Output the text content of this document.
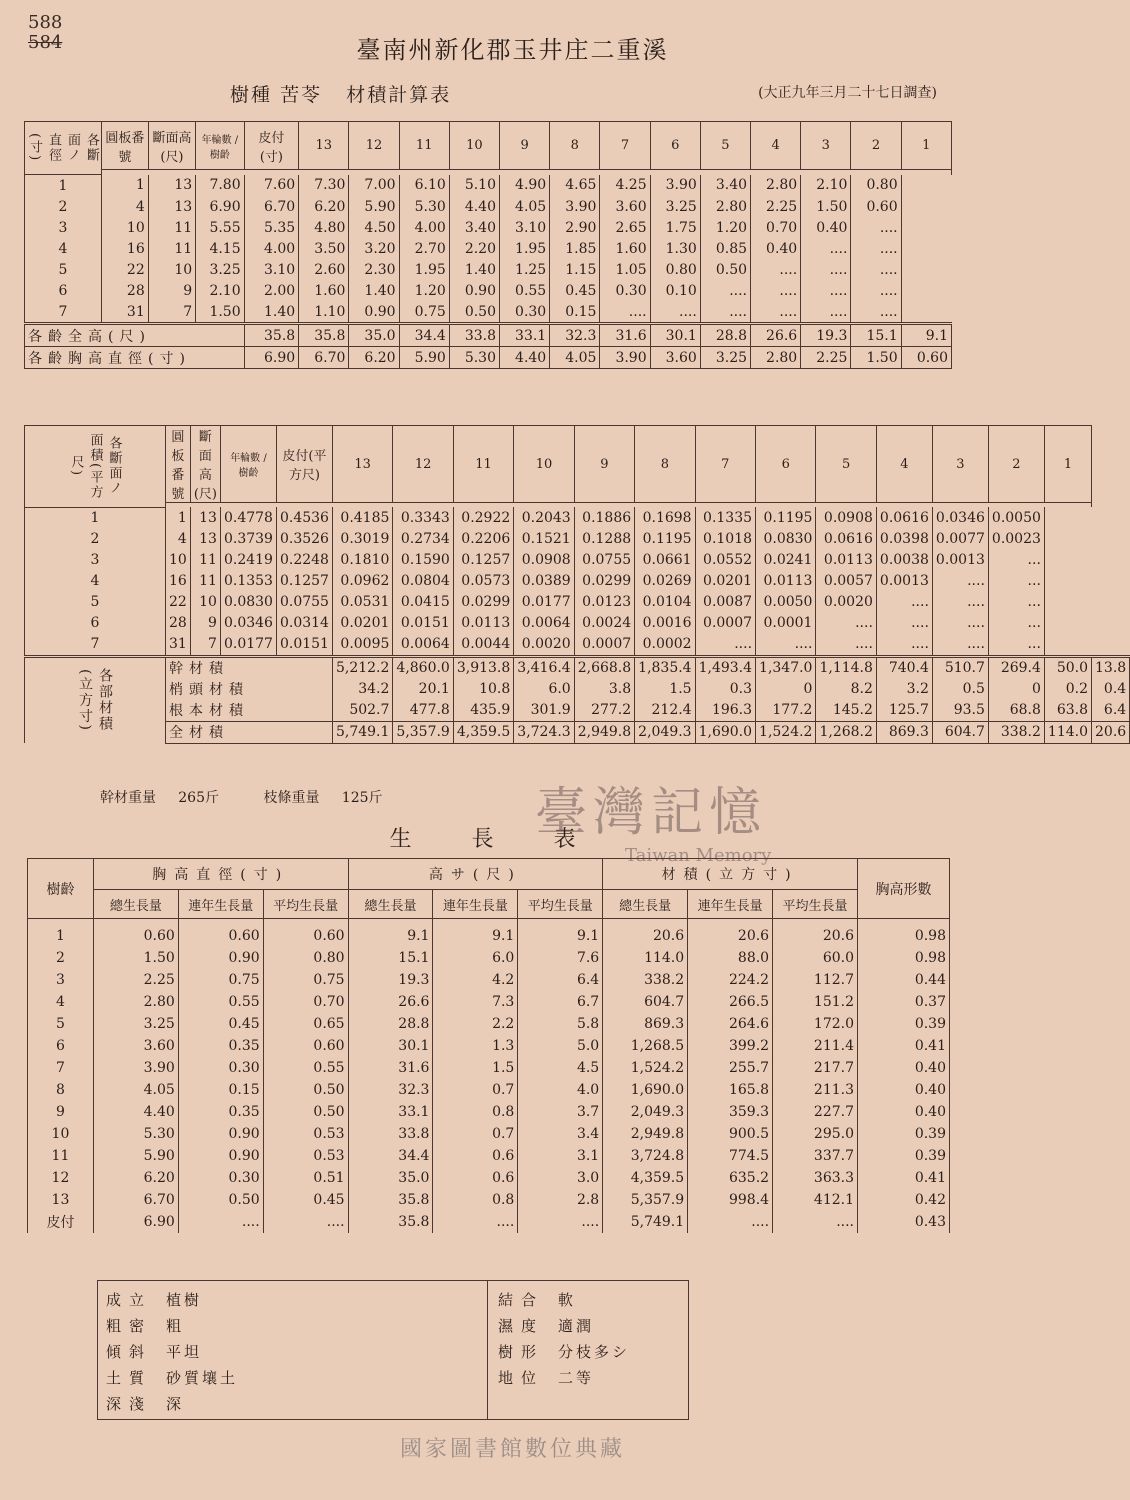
588
584	臺南州新化郡玉井庄二重溪
樹種 苦苓 材積計算表	(大正九年三月二十七日調查)
各斷面ノ直徑(寸)	圓板番號	斷面高(尺)	年輪數 / 樹齡	皮付(寸)	13	12	11	10	9	8	7	6	5	4	3	2	1

1	1	13	7.80	7.60	7.30	7.00	6.10	5.10	4.90	4.65	4.25	3.90	3.40	2.80	2.10	0.80	
2	4	13	6.90	6.70	6.20	5.90	5.30	4.40	4.05	3.90	3.60	3.25	2.80	2.25	1.50	0.60	
3	10	11	5.55	5.35	4.80	4.50	4.00	3.40	3.10	2.90	2.65	1.75	1.20	0.70	0.40	....	
4	16	11	4.15	4.00	3.50	3.20	2.70	2.20	1.95	1.85	1.60	1.30	0.85	0.40	....	....	
5	22	10	3.25	3.10	2.60	2.30	1.95	1.40	1.25	1.15	1.05	0.80	0.50	....	....	....	
6	28	9	2.10	2.00	1.60	1.40	1.20	0.90	0.55	0.45	0.30	0.10	....	....	....	....	
7	31	7	1.50	1.40	1.10	0.90	0.75	0.50	0.30	0.15	....	....	....	....	....	....	
各齡全高(尺)				35.8	35.8	35.0	34.4	33.8	33.1	32.3	31.6	30.1	28.8	26.6	19.3	15.1	9.1
各齡胸高直徑(寸)				6.90	6.70	6.20	5.90	5.30	4.40	4.05	3.90	3.60	3.25	2.80	2.25	1.50	0.60
各斷面ノ面積(平方尺)	圓板番號	斷面高(尺)	年輪數 / 樹齡	皮付(平方尺)	13	12	11	10	9	8	7	6	5	4	3	2	1	

1	1	13	0.4778	0.4536	0.4185	0.3343	0.2922	0.2043	0.1886	0.1698	0.1335	0.1195	0.0908	0.0616	0.0346	0.0050		
2	4	13	0.3739	0.3526	0.3019	0.2734	0.2206	0.1521	0.1288	0.1195	0.1018	0.0830	0.0616	0.0398	0.0077	0.0023		
3	10	11	0.2419	0.2248	0.1810	0.1590	0.1257	0.0908	0.0755	0.0661	0.0552	0.0241	0.0113	0.0038	0.0013	...		
4	16	11	0.1353	0.1257	0.0962	0.0804	0.0573	0.0389	0.0299	0.0269	0.0201	0.0113	0.0057	0.0013	....	...		
5	22	10	0.0830	0.0755	0.0531	0.0415	0.0299	0.0177	0.0123	0.0104	0.0087	0.0050	0.0020	....	....	...		
6	28	9	0.0346	0.0314	0.0201	0.0151	0.0113	0.0064	0.0024	0.0016	0.0007	0.0001	....	....	....	...		
7	31	7	0.0177	0.0151	0.0095	0.0064	0.0044	0.0020	0.0007	0.0002	....	....	....	....	....	...		
各部材積(立方寸)	幹材積				5,212.2	4,860.0	3,913.8	3,416.4	2,668.8	1,835.4	1,493.4	1,347.0	1,114.8	740.4	510.7	269.4	50.0	13.8
	梢頭材積				34.2	20.1	10.8	6.0	3.8	1.5	0.3	0	8.2	3.2	0.5	0	0.2	0.4
	根本材積				502.7	477.8	435.9	301.9	277.2	212.4	196.3	177.2	145.2	125.7	93.5	68.8	63.8	6.4
	全材積				5,749.1	5,357.9	4,359.5	3,724.3	2,949.8	2,049.3	1,690.0	1,524.2	1,268.2	869.3	604.7	338.2	114.0	20.6
幹材重量 265斤	枝條重量 125斤	臺灣記憶
Taiwan Memory
生長表
樹齡	胸高直徑(寸)			高サ(尺)			材積(立方寸)			胸高形數
	總生長量	連年生長量	平均生長量	總生長量	連年生長量	平均生長量	總生長量	連年生長量	平均生長量	
1	0.60	0.60	0.60	9.1	9.1	9.1	20.6	20.6	20.6	0.98
2	1.50	0.90	0.80	15.1	6.0	7.6	114.0	88.0	60.0	0.98
3	2.25	0.75	0.75	19.3	4.2	6.4	338.2	224.2	112.7	0.44
4	2.80	0.55	0.70	26.6	7.3	6.7	604.7	266.5	151.2	0.37
5	3.25	0.45	0.65	28.8	2.2	5.8	869.3	264.6	172.0	0.39
6	3.60	0.35	0.60	30.1	1.3	5.0	1,268.5	399.2	211.4	0.41
7	3.90	0.30	0.55	31.6	1.5	4.5	1,524.2	255.7	217.7	0.40
8	4.05	0.15	0.50	32.3	0.7	4.0	1,690.0	165.8	211.3	0.40
9	4.40	0.35	0.50	33.1	0.8	3.7	2,049.3	359.3	227.7	0.40
10	5.30	0.90	0.53	33.8	0.7	3.4	2,949.8	900.5	295.0	0.39
11	5.90	0.90	0.53	34.4	0.6	3.1	3,724.8	774.5	337.7	0.39
12	6.20	0.30	0.51	35.0	0.6	3.0	4,359.5	635.2	363.3	0.41
13	6.70	0.50	0.45	35.8	0.8	2.8	5,357.9	998.4	412.1	0.42
皮付	6.90	....	....	35.8	....	....	5,749.1	....	....	0.43
成立 植樹
粗密 粗
傾斜 平坦
土質 砂質壤土
深淺 深
結合 軟
濕度 適潤
樹形 分枝多シ
地位 二等
國家圖書館數位典藏
